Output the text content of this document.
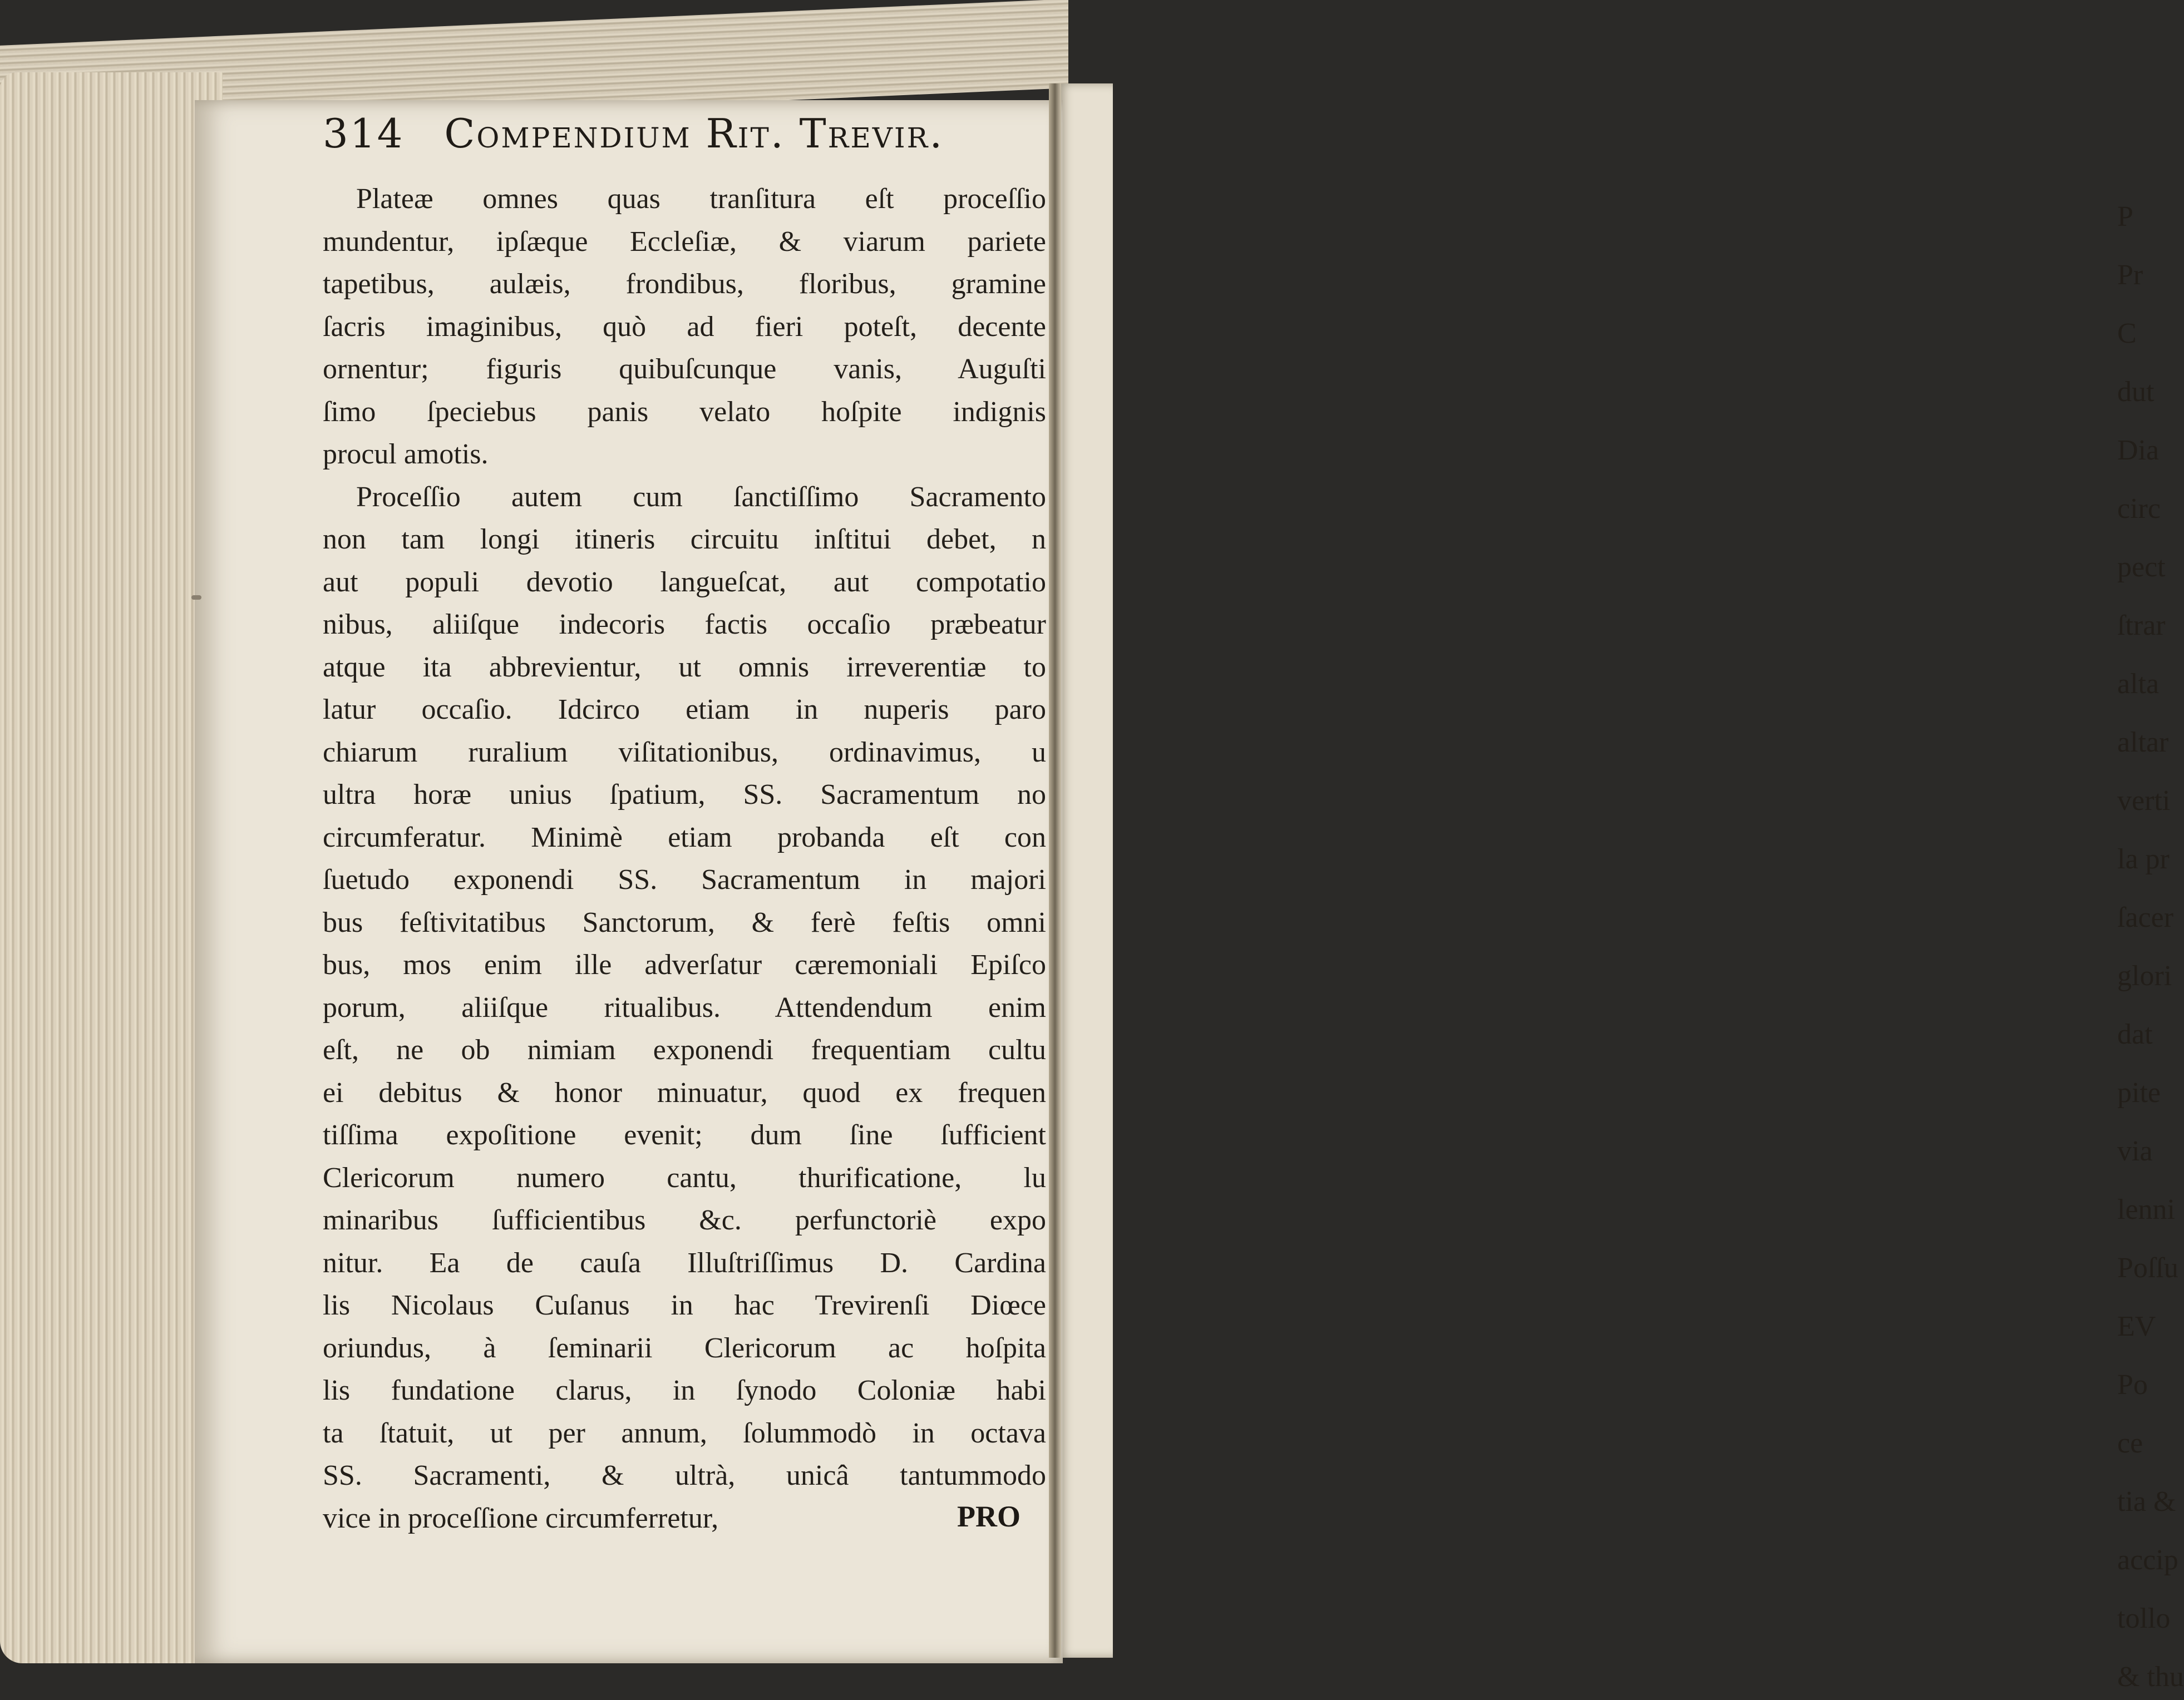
P
Pr
C
dut
Dia
circ
pect
ſtrar
alta
altar
verti
la pr
ſacer
glori
dat
pite
via
lenni
Poſſu
EV
Po
ce
tia &
accip
tollo
& thu
314 Compendium Rit. Trevir.
Plateæ omnes quas tranſitura eſt proceſſio
mundentur, ipſæque Eccleſiæ, & viarum pariete
tapetibus, aulæis, frondibus, floribus, gramine
ſacris imaginibus, quò ad fieri poteſt, decente
ornentur; figuris quibuſcunque vanis, Auguſti
ſimo ſpeciebus panis velato hoſpite indignis
procul amotis.
Proceſſio autem cum ſanctiſſimo Sacramento
non tam longi itineris circuitu inſtitui debet, n
aut populi devotio langueſcat, aut compotatio
nibus, aliiſque indecoris factis occaſio præbeatur
atque ita abbrevientur, ut omnis irreverentiæ to
latur occaſio. Idcirco etiam in nuperis paro
chiarum ruralium viſitationibus, ordinavimus, u
ultra horæ unius ſpatium, SS. Sacramentum no
circumferatur. Minimè etiam probanda eſt con
ſuetudo exponendi SS. Sacramentum in majori
bus feſtivitatibus Sanctorum, & ferè feſtis omni
bus, mos enim ille adverſatur cæremoniali Epiſco
porum, aliiſque ritualibus. Attendendum enim
eſt, ne ob nimiam exponendi frequentiam cultu
ei debitus & honor minuatur, quod ex frequen
tiſſima expoſitione evenit; dum ſine ſufficient
Clericorum numero cantu, thurificatione, lu
minaribus ſufficientibus &c. perfunctoriè expo
nitur. Ea de cauſa Illuſtriſſimus D. Cardina
lis Nicolaus Cuſanus in hac Trevirenſi Diœce
oriundus, à ſeminarii Clericorum ac hoſpita
lis fundatione clarus, in ſynodo Coloniæ habi
ta ſtatuit, ut per annum, ſolummodò in octava
SS. Sacramenti, & ultrà, unicâ tantummodo
vice in proceſſione circumferretur,	PRO
